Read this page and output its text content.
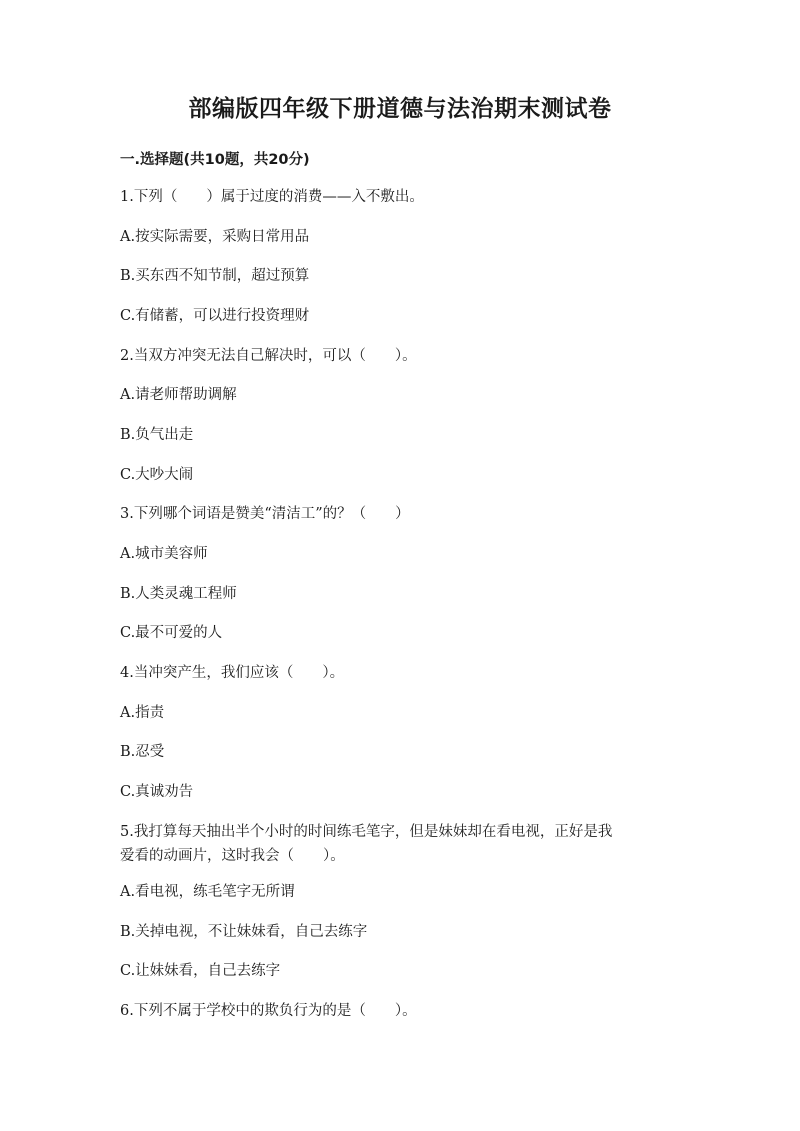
部编版四年级下册道德与法治期末测试卷
一.选择题(共10题，共20分)
1.下列（　　）属于过度的消费——入不敷出。
A.按实际需要，采购日常用品
B.买东西不知节制，超过预算
C.有储蓄，可以进行投资理财
2.当双方冲突无法自己解决时，可以（　　）。
A.请老师帮助调解
B.负气出走
C.大吵大闹
3.下列哪个词语是赞美“清洁工”的？（　　）
A.城市美容师
B.人类灵魂工程师
C.最不可爱的人
4.当冲突产生，我们应该（　　）。
A.指责
B.忍受
C.真诚劝告
5.我打算每天抽出半个小时的时间练毛笔字，但是妹妹却在看电视，正好是我
爱看的动画片，这时我会（　　）。
A.看电视，练毛笔字无所谓
B.关掉电视，不让妹妹看，自己去练字
C.让妹妹看，自己去练字
6.下列不属于学校中的欺负行为的是（　　）。
